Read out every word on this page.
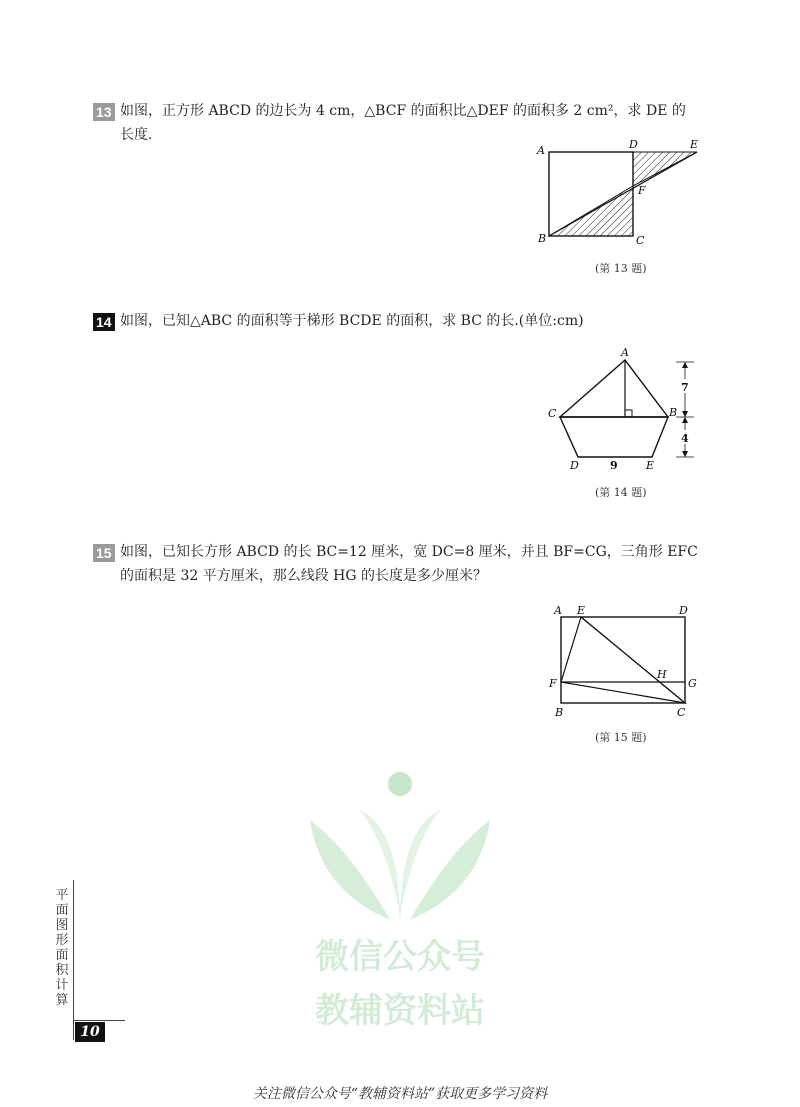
13 如图，正方形 ABCD 的边长为 4 cm，△BCF 的面积比△DEF 的面积多 2 cm²，求 DE 的
长度.
A	D	E
F
B	C
(第 13 题)
14 如图，已知△ABC 的面积等于梯形 BCDE 的面积，求 BC 的长.(单位:cm)
7
4
9
A
C	B
D	E
(第 14 题)
15 如图，已知长方形 ABCD 的长 BC=12 厘米，宽 DC=8 厘米，并且 BF=CG，三角形 EFC
的面积是 32 平方厘米，那么线段 HG 的长度是多少厘米？
A E	D
F
H
G
B	C
(第 15 题)
微信公众号
教辅资料站
平
面
图
形
面
积
计
算
10
关注微信公众号“教辅资料站”获取更多学习资料
